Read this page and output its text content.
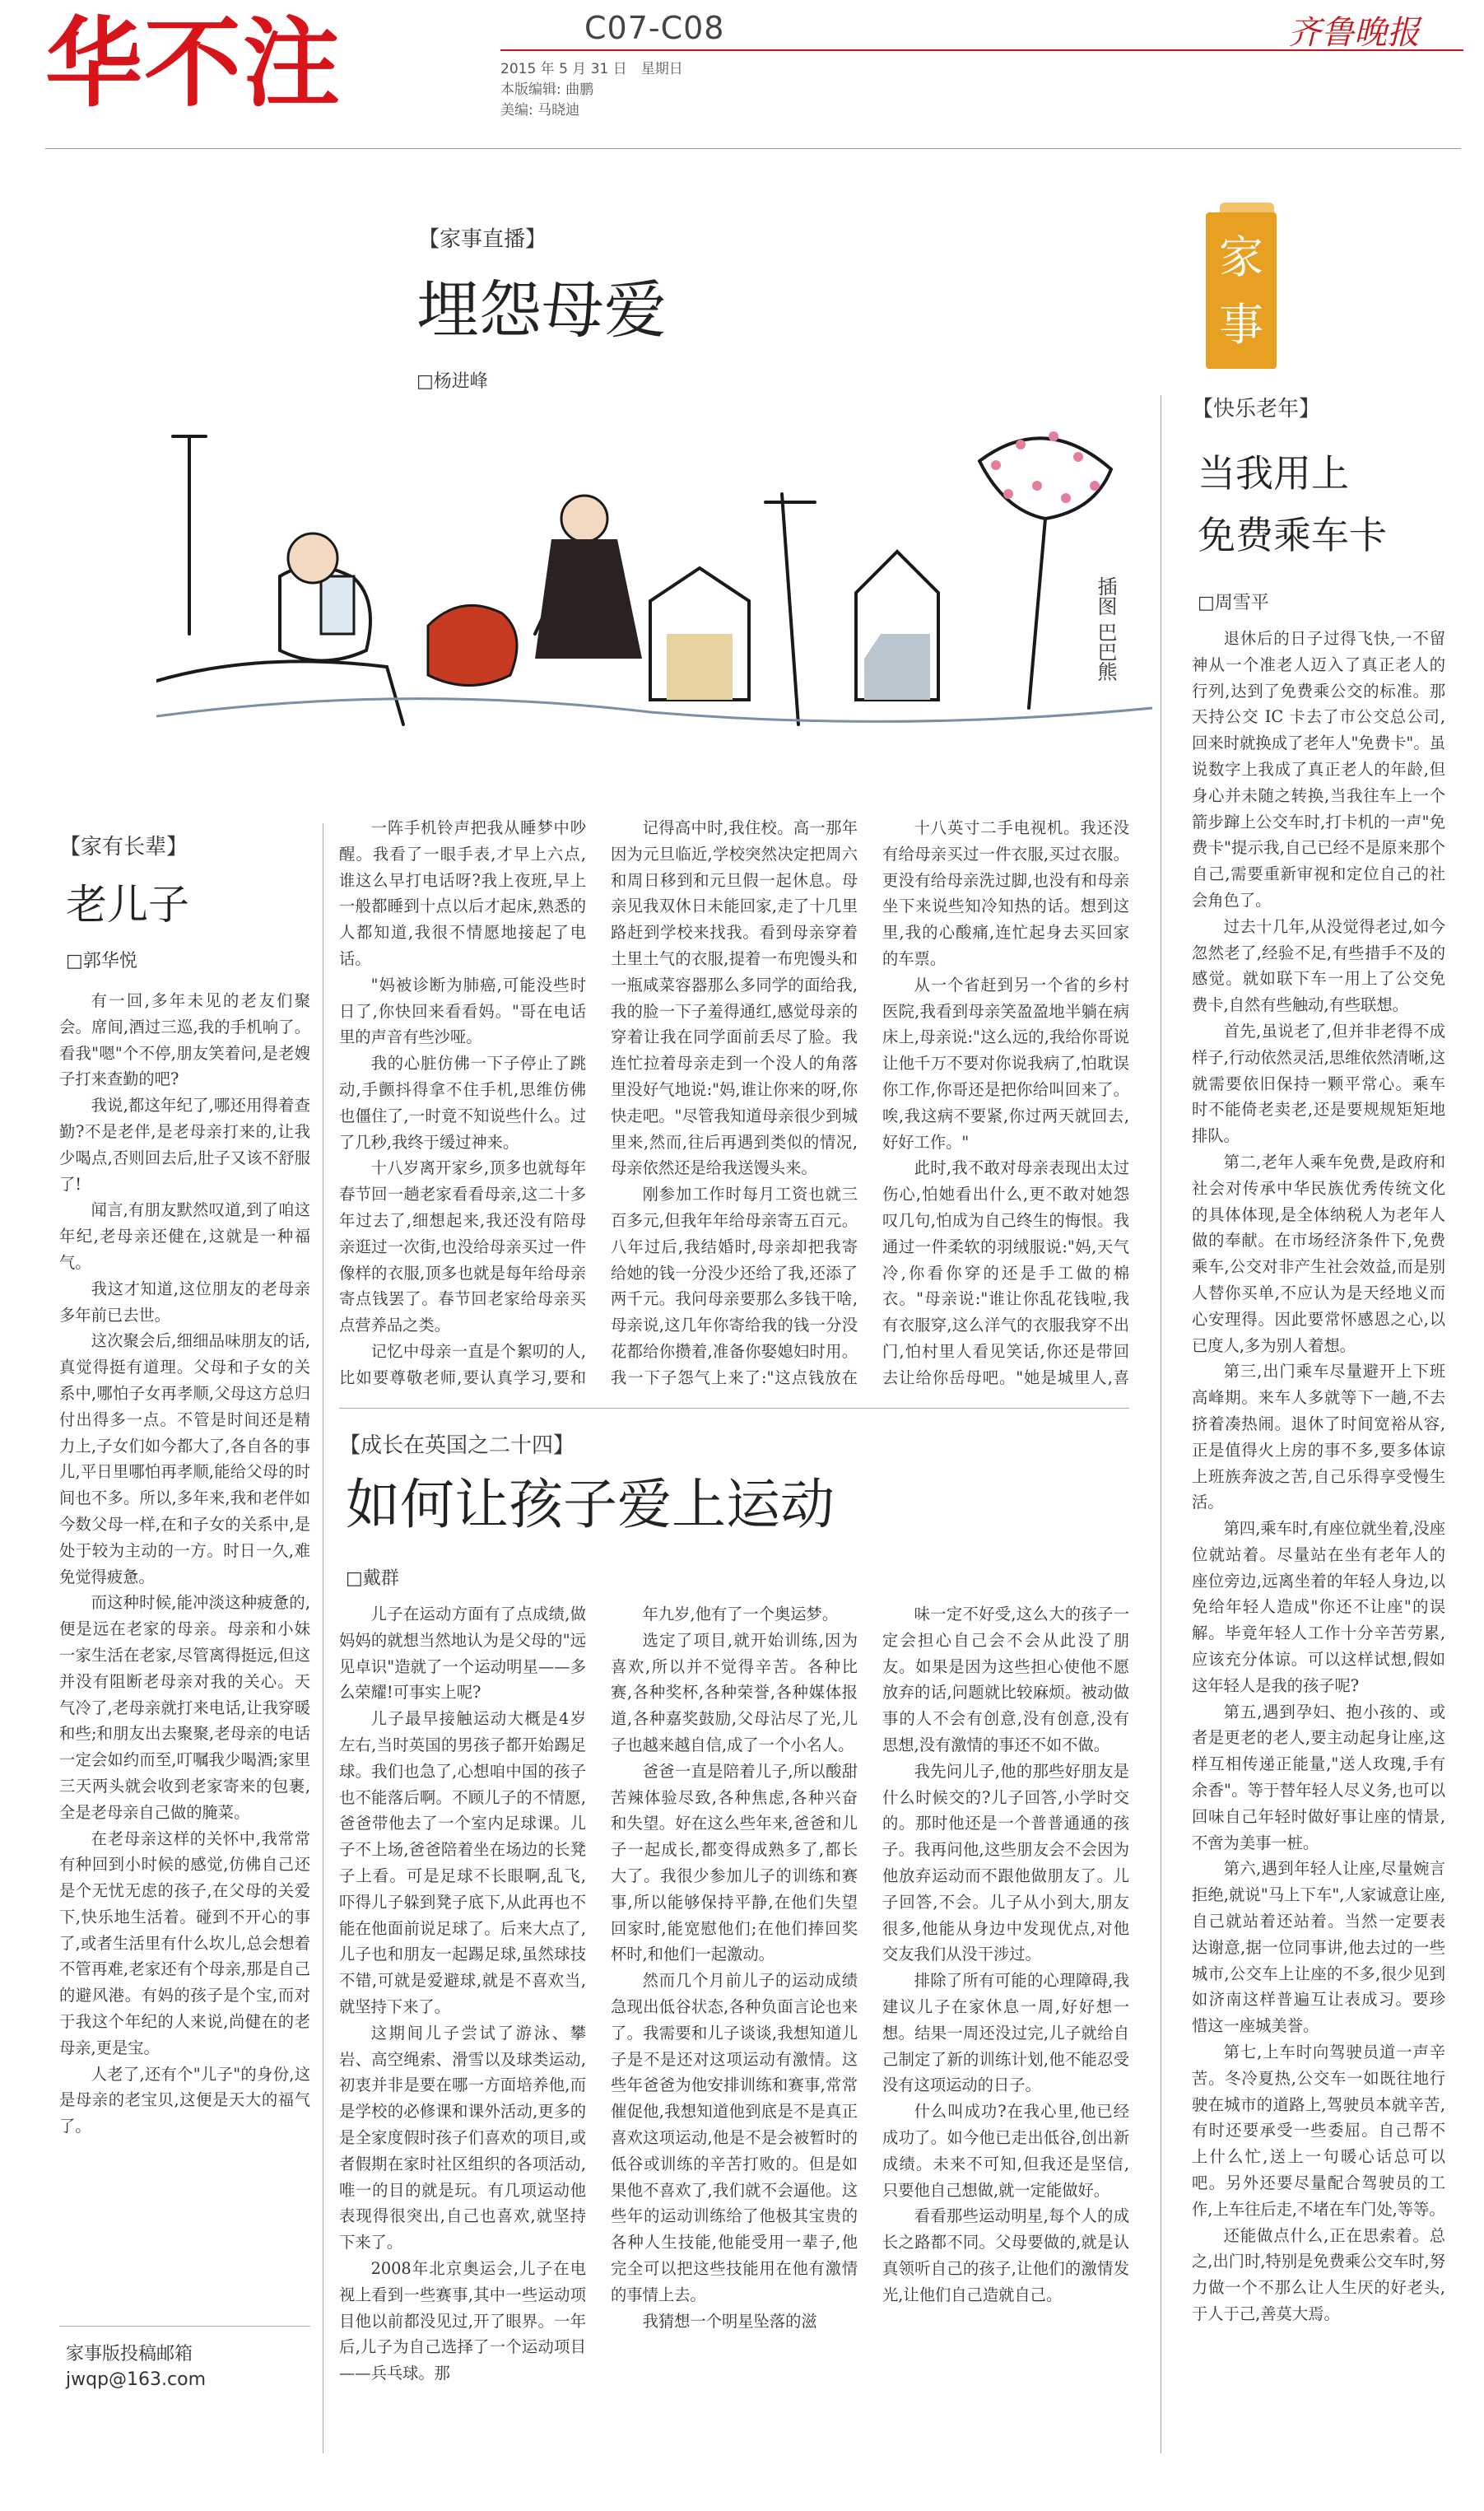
华不注	C07-C08
2015 年 5 月 31 日　星期日
本版编辑: 曲鹏
美编: 马晓迪
齐鲁晚报
【家事直播】
埋怨母爱
□杨进峰
家事
插图 巴巴熊

一阵手机铃声把我从睡梦中吵醒。我看了一眼手表,才早上六点,谁这么早打电话呀?我上夜班,早上一般都睡到十点以后才起床,熟悉的人都知道,我很不情愿地接起了电话。

"妈被诊断为肺癌,可能没些时日了,你快回来看看妈。"哥在电话里的声音有些沙哑。

我的心脏仿佛一下子停止了跳动,手颤抖得拿不住手机,思维仿佛也僵住了,一时竟不知说些什么。过了几秒,我终于缓过神来。

十八岁离开家乡,顶多也就每年春节回一趟老家看看母亲,这二十多年过去了,细想起来,我还没有陪母亲逛过一次街,也没给母亲买过一件像样的衣服,顶多也就是每年给母亲寄点钱罢了。春节回老家给母亲买点营养品之类。

记忆中母亲一直是个絮叨的人,比如要尊敬老师,要认真学习,要和

记得高中时,我住校。高一那年因为元旦临近,学校突然决定把周六和周日移到和元旦假一起休息。母亲见我双休日未能回家,走了十几里路赶到学校来找我。看到母亲穿着土里土气的衣服,提着一布兜馒头和一瓶咸菜容器那么多同学的面给我,我的脸一下子羞得通红,感觉母亲的穿着让我在同学面前丢尽了脸。我连忙拉着母亲走到一个没人的角落里没好气地说:"妈,谁让你来的呀,你快走吧。"尽管我知道母亲很少到城里来,然而,往后再遇到类似的情况,母亲依然还是给我送馒头来。

刚参加工作时每月工资也就三百多元,但我年年给母亲寄五百元。八年过后,我结婚时,母亲却把我寄给她的钱一分没少还给了我,还添了两千元。我问母亲要那么多钱干啥,母亲说,这几年你寄给我的钱一分没花都给你攒着,准备你娶媳妇时用。我一下子怨气上来了:"这点钱放在

十八英寸二手电视机。我还没有给母亲买过一件衣服,买过衣服。更没有给母亲洗过脚,也没有和母亲坐下来说些知冷知热的话。想到这里,我的心酸痛,连忙起身去买回家的车票。

从一个省赶到另一个省的乡村医院,我看到母亲笑盈盈地半躺在病床上,母亲说:"这么远的,我给你哥说让他千万不要对你说我病了,怕耽误你工作,你哥还是把你给叫回来了。唉,我这病不要紧,你过两天就回去,好好工作。"

此时,我不敢对母亲表现出太过伤心,怕她看出什么,更不敢对她怨叹几句,怕成为自己终生的悔恨。我通过一件柔软的羽绒服说:"妈,天气冷,你看你穿的还是手工做的棉衣。"母亲说:"谁让你乱花钱啦,我有衣服穿,这么洋气的衣服我穿不出门,怕村里人看见笑话,你还是带回去让给你岳母吧。"她是城里人,喜

【家有长辈】
老儿子
□郭华悦

有一回,多年未见的老友们聚会。席间,酒过三巡,我的手机响了。看我"嗯"个不停,朋友笑着问,是老嫂子打来查勤的吧?

我说,都这年纪了,哪还用得着查勤?不是老伴,是老母亲打来的,让我少喝点,否则回去后,肚子又该不舒服了!

闻言,有朋友默然叹道,到了咱这年纪,老母亲还健在,这就是一种福气。

我这才知道,这位朋友的老母亲多年前已去世。

这次聚会后,细细品味朋友的话,真觉得挺有道理。父母和子女的关系中,哪怕子女再孝顺,父母这方总归付出得多一点。不管是时间还是精力上,子女们如今都大了,各自各的事儿,平日里哪怕再孝顺,能给父母的时间也不多。所以,多年来,我和老伴如今数父母一样,在和子女的关系中,是处于较为主动的一方。时日一久,难免觉得疲惫。

而这种时候,能冲淡这种疲惫的,便是远在老家的母亲。母亲和小妹一家生活在老家,尽管离得挺远,但这并没有阻断老母亲对我的关心。天气冷了,老母亲就打来电话,让我穿暖和些;和朋友出去聚聚,老母亲的电话一定会如约而至,叮嘱我少喝酒;家里三天两头就会收到老家寄来的包裹,全是老母亲自己做的腌菜。

在老母亲这样的关怀中,我常常有种回到小时候的感觉,仿佛自己还是个无忧无虑的孩子,在父母的关爱下,快乐地生活着。碰到不开心的事了,或者生活里有什么坎儿,总会想着不管再难,老家还有个母亲,那是自己的避风港。有妈的孩子是个宝,而对于我这个年纪的人来说,尚健在的老母亲,更是宝。

人老了,还有个"儿子"的身份,这是母亲的老宝贝,这便是天大的福气了。

家事版投稿邮箱
jwqp@163.com
【快乐老年】
当我用上
免费乘车卡
□周雪平

退休后的日子过得飞快,一不留神从一个准老人迈入了真正老人的行列,达到了免费乘公交的标准。那天持公交 IC 卡去了市公交总公司,回来时就换成了老年人"免费卡"。虽说数字上我成了真正老人的年龄,但身心并未随之转换,当我往车上一个箭步蹿上公交车时,打卡机的一声"免费卡"提示我,自己已经不是原来那个自己,需要重新审视和定位自己的社会角色了。

过去十几年,从没觉得老过,如今忽然老了,经验不足,有些措手不及的感觉。就如联下车一用上了公交免费卡,自然有些触动,有些联想。

首先,虽说老了,但并非老得不成样子,行动依然灵活,思维依然清晰,这就需要依旧保持一颗平常心。乘车时不能倚老卖老,还是要规规矩矩地排队。

第二,老年人乘车免费,是政府和社会对传承中华民族优秀传统文化的具体体现,是全体纳税人为老年人做的奉献。在市场经济条件下,免费乘车,公交对非产生社会效益,而是别人替你买单,不应认为是天经地义而心安理得。因此要常怀感恩之心,以已度人,多为别人着想。

第三,出门乘车尽量避开上下班高峰期。来车人多就等下一趟,不去挤着凑热闹。退休了时间宽裕从容,正是值得火上房的事不多,要多体谅上班族奔波之苦,自己乐得享受慢生活。

第四,乘车时,有座位就坐着,没座位就站着。尽量站在坐有老年人的座位旁边,远离坐着的年轻人身边,以免给年轻人造成"你还不让座"的误解。毕竟年轻人工作十分辛苦劳累,应该充分体谅。可以这样试想,假如这年轻人是我的孩子呢?

第五,遇到孕妇、抱小孩的、或者是更老的老人,要主动起身让座,这样互相传递正能量,"送人玫瑰,手有余香"。等于替年轻人尽义务,也可以回味自己年轻时做好事让座的情景,不啻为美事一桩。

第六,遇到年轻人让座,尽量婉言拒绝,就说"马上下车",人家诚意让座,自己就站着还站着。当然一定要表达谢意,据一位同事讲,他去过的一些城市,公交车上让座的不多,很少见到如济南这样普遍互让表成习。要珍惜这一座城美誉。

第七,上车时向驾驶员道一声辛苦。冬冷夏热,公交车一如既往地行驶在城市的道路上,驾驶员本就辛苦,有时还要承受一些委屈。自己帮不上什么忙,送上一句暖心话总可以吧。另外还要尽量配合驾驶员的工作,上车往后走,不堵在车门处,等等。

还能做点什么,正在思索着。总之,出门时,特别是免费乘公交车时,努力做一个不那么让人生厌的好老头,于人于己,善莫大焉。

【成长在英国之二十四】
如何让孩子爱上运动
□戴群

儿子在运动方面有了点成绩,做妈妈的就想当然地认为是父母的"远见卓识"造就了一个运动明星——多么荣耀!可事实上呢?

儿子最早接触运动大概是4岁左右,当时英国的男孩子都开始踢足球。我们也急了,心想咱中国的孩子也不能落后啊。不顾儿子的不情愿,爸爸带他去了一个室内足球课。儿子不上场,爸爸陪着坐在场边的长凳子上看。可是足球不长眼啊,乱飞,吓得儿子躲到凳子底下,从此再也不能在他面前说足球了。后来大点了,儿子也和朋友一起踢足球,虽然球技不错,可就是爱避球,就是不喜欢当,就坚持下来了。

这期间儿子尝试了游泳、攀岩、高空绳索、滑雪以及球类运动,初衷并非是要在哪一方面培养他,而是学校的必修课和课外活动,更多的是全家度假时孩子们喜欢的项目,或者假期在家时社区组织的各项活动,唯一的目的就是玩。有几项运动他表现得很突出,自己也喜欢,就坚持下来了。

2008年北京奥运会,儿子在电视上看到一些赛事,其中一些运动项目他以前都没见过,开了眼界。一年后,儿子为自己选择了一个运动项目——兵乓球。那

年九岁,他有了一个奥运梦。

选定了项目,就开始训练,因为喜欢,所以并不觉得辛苦。各种比赛,各种奖杯,各种荣誉,各种媒体报道,各种嘉奖鼓励,父母沾尽了光,儿子也越来越自信,成了一个小名人。

爸爸一直是陪着儿子,所以酸甜苦辣体验尽致,各种焦虑,各种兴奋和失望。好在这么些年来,爸爸和儿子一起成长,都变得成熟多了,都长大了。我很少参加儿子的训练和赛事,所以能够保持平静,在他们失望回家时,能宽慰他们;在他们捧回奖杯时,和他们一起激动。

然而几个月前儿子的运动成绩急现出低谷状态,各种负面言论也来了。我需要和儿子谈谈,我想知道儿子是不是还对这项运动有激情。这些年爸爸为他安排训练和赛事,常常催促他,我想知道他到底是不是真正喜欢这项运动,他是不是会被暂时的低谷或训练的辛苦打败的。但是如果他不喜欢了,我们就不会逼他。这些年的运动训练给了他极其宝贵的各种人生技能,他能受用一辈子,他完全可以把这些技能用在他有激情的事情上去。

我猜想一个明星坠落的滋

味一定不好受,这么大的孩子一定会担心自己会不会从此没了朋友。如果是因为这些担心使他不愿放弃的话,问题就比较麻烦。被动做事的人不会有创意,没有创意,没有思想,没有激情的事还不如不做。

我先问儿子,他的那些好朋友是什么时候交的?儿子回答,小学时交的。那时他还是一个普普通通的孩子。我再问他,这些朋友会不会因为他放弃运动而不跟他做朋友了。儿子回答,不会。儿子从小到大,朋友很多,他能从身边中发现优点,对他交友我们从没干涉过。

排除了所有可能的心理障碍,我建议儿子在家休息一周,好好想一想。结果一周还没过完,儿子就给自己制定了新的训练计划,他不能忍受没有这项运动的日子。

什么叫成功?在我心里,他已经成功了。如今他已走出低谷,创出新成绩。未来不可知,但我还是坚信,只要他自己想做,就一定能做好。

看看那些运动明星,每个人的成长之路都不同。父母要做的,就是认真领听自己的孩子,让他们的激情发光,让他们自己造就自己。
